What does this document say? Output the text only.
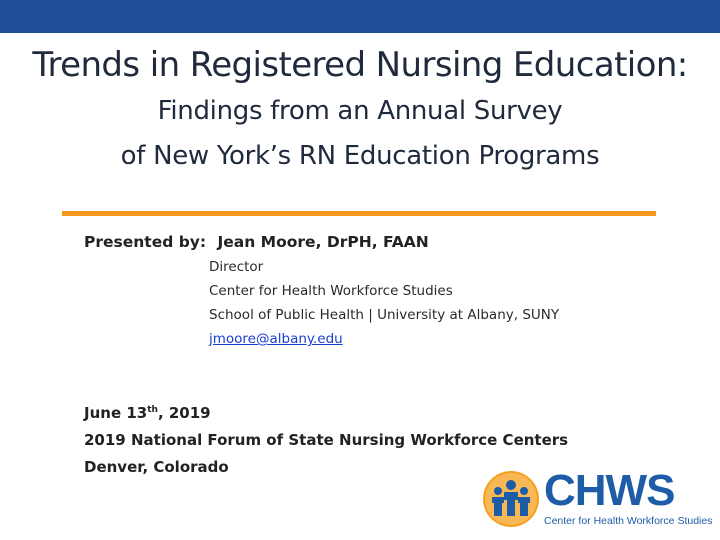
Trends in Registered Nursing Education:
Findings from an Annual Survey
of New York’s RN Education Programs
Presented by: Jean Moore, DrPH, FAAN
Director
Center for Health Workforce Studies
School of Public Health | University at Albany, SUNY
jmoore@albany.edu
June 13th, 2019
2019 National Forum of State Nursing Workforce Centers
Denver, Colorado	CHWS
Center for Health Workforce Studies
